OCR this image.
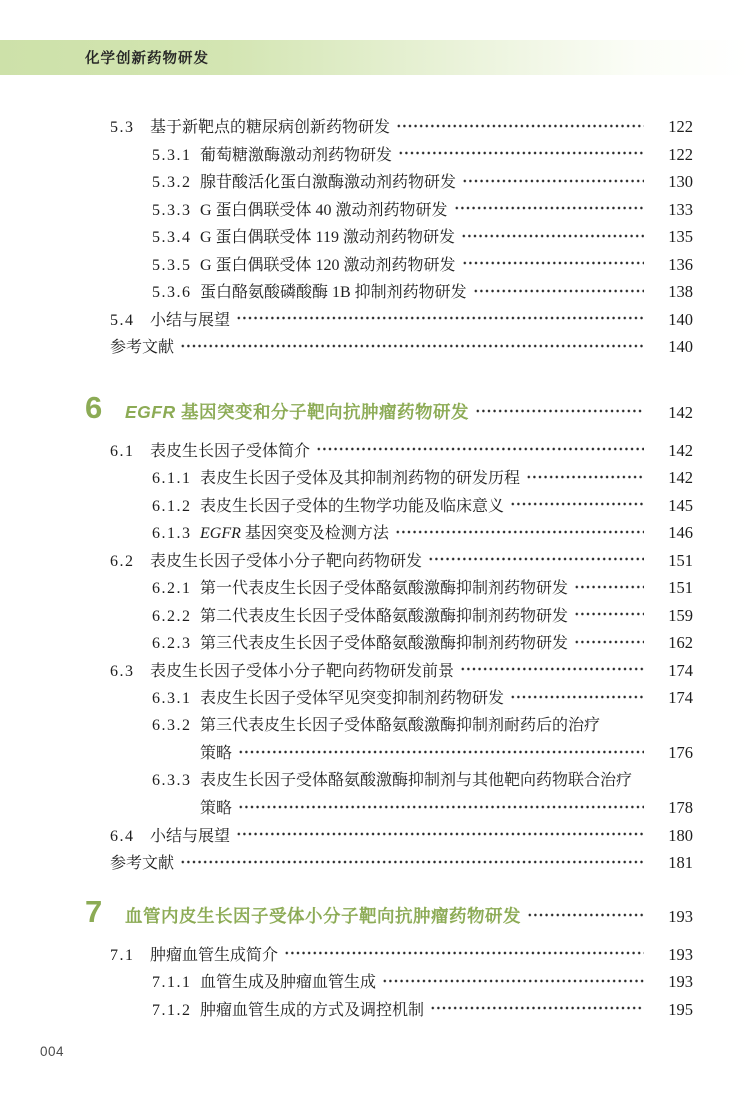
化学创新药物研发
5.3 基于新靶点的糖尿病创新药物研发	122
5.3.1 葡萄糖激酶激动剂药物研发	122
5.3.2 腺苷酸活化蛋白激酶激动剂药物研发	130
5.3.3 G 蛋白偶联受体 40 激动剂药物研发	133
5.3.4 G 蛋白偶联受体 119 激动剂药物研发	135
5.3.5 G 蛋白偶联受体 120 激动剂药物研发	136
5.3.6 蛋白酪氨酸磷酸酶 1B 抑制剂药物研发	138
5.4 小结与展望	140
参考文献	140
6	EGFR 基因突变和分子靶向抗肿瘤药物研发	142
6.1 表皮生长因子受体简介	142
6.1.1 表皮生长因子受体及其抑制剂药物的研发历程	142
6.1.2 表皮生长因子受体的生物学功能及临床意义	145
6.1.3 EGFR 基因突变及检测方法	146
6.2 表皮生长因子受体小分子靶向药物研发	151
6.2.1 第一代表皮生长因子受体酪氨酸激酶抑制剂药物研发	151
6.2.2 第二代表皮生长因子受体酪氨酸激酶抑制剂药物研发	159
6.2.3 第三代表皮生长因子受体酪氨酸激酶抑制剂药物研发	162
6.3 表皮生长因子受体小分子靶向药物研发前景	174
6.3.1 表皮生长因子受体罕见突变抑制剂药物研发	174
6.3.2 第三代表皮生长因子受体酪氨酸激酶抑制剂耐药后的治疗
策略	176
6.3.3 表皮生长因子受体酪氨酸激酶抑制剂与其他靶向药物联合治疗
策略	178
6.4 小结与展望	180
参考文献	181
7	血管内皮生长因子受体小分子靶向抗肿瘤药物研发	193
7.1 肿瘤血管生成简介	193
7.1.1 血管生成及肿瘤血管生成	193
7.1.2 肿瘤血管生成的方式及调控机制	195
004
